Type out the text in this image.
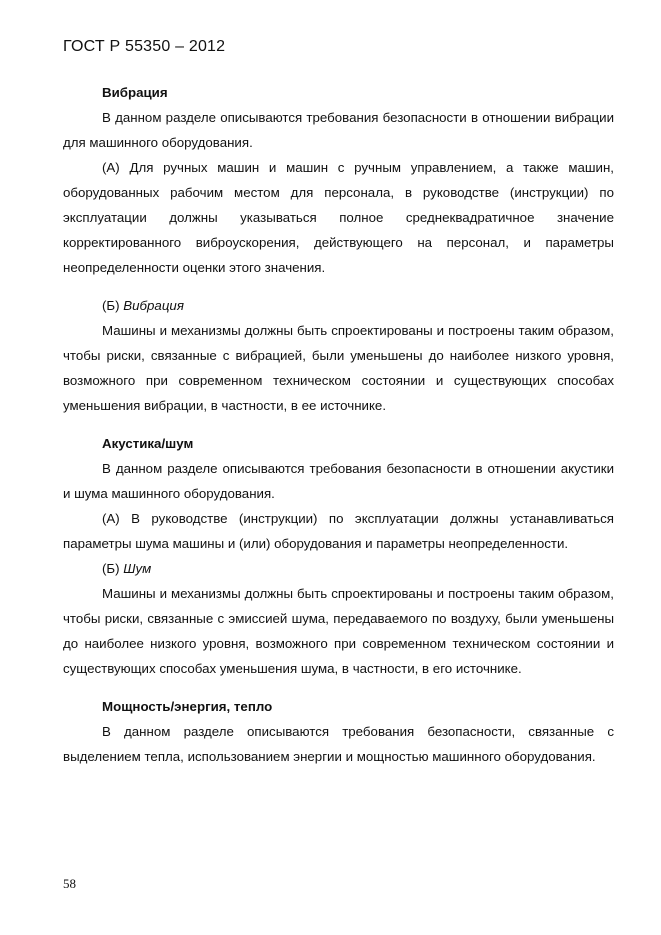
ГОСТ Р 55350 – 2012

Вибрация

В данном разделе описываются требования безопасности в отношении вибрации для машинного оборудования.

(А) Для ручных машин и машин с ручным управлением, а также машин, оборудованных рабочим местом для персонала, в руководстве (инструкции) по эксплуатации должны указываться полное среднеквадратичное значение корректированного виброускорения, действующего на персонал, и параметры неопределенности оценки этого значения.

(Б) Вибрация

Машины и механизмы должны быть спроектированы и построены таким образом, чтобы риски, связанные с вибрацией, были уменьшены до наиболее низкого уровня, возможного при современном техническом состоянии и существующих способах уменьшения вибрации, в частности, в ее источнике.

Акустика/шум

В данном разделе описываются требования безопасности в отношении акустики и шума машинного оборудования.

(А) В руководстве (инструкции) по эксплуатации должны устанавливаться параметры шума машины и (или) оборудования и параметры неопределенности.

(Б) Шум

Машины и механизмы должны быть спроектированы и построены таким образом, чтобы риски, связанные с эмиссией шума, передаваемого по воздуху, были уменьшены до наиболее низкого уровня, возможного при современном техническом состоянии и существующих способах уменьшения шума, в частности, в его источнике.

Мощность/энергия, тепло

В данном разделе описываются требования безопасности, связанные с выделением тепла, использованием энергии и мощностью машинного оборудования.

58
